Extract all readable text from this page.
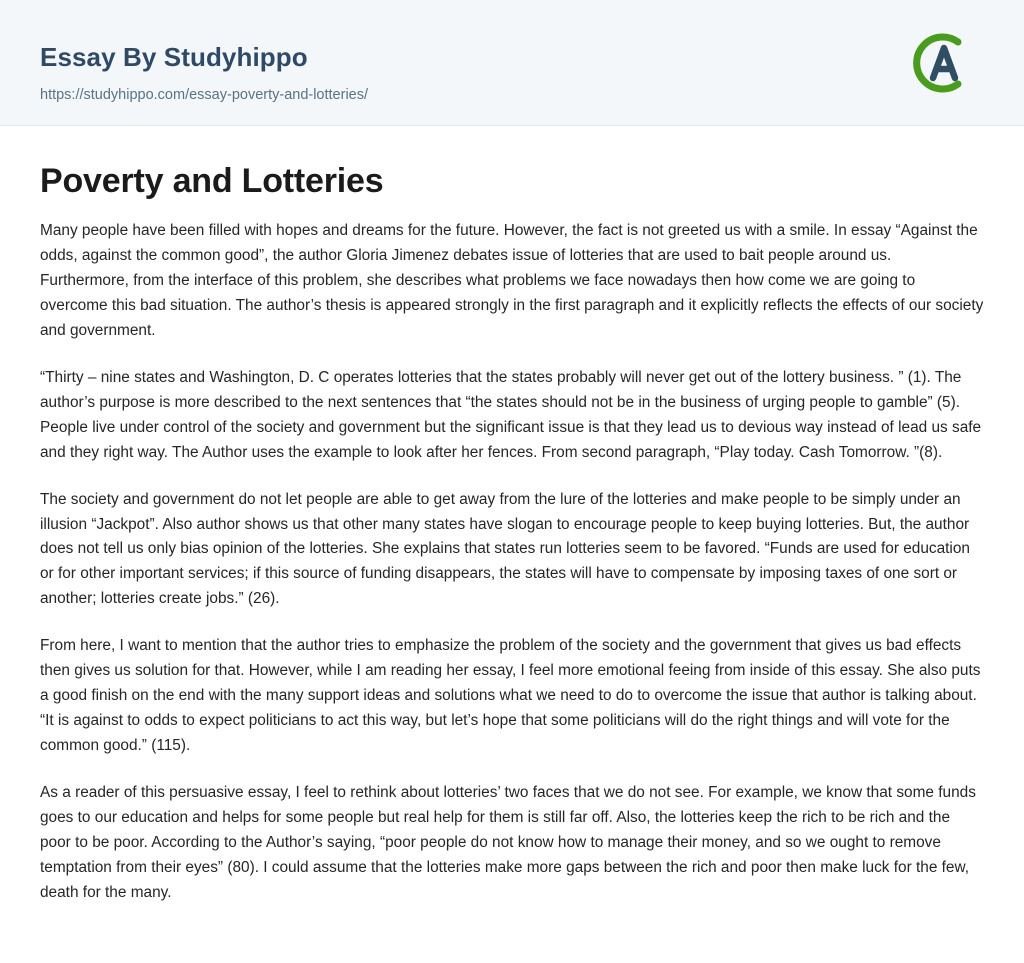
Essay By Studyhippo
https://studyhippo.com/essay-poverty-and-lotteries/
Poverty and Lotteries

Many people have been filled with hopes and dreams for the future. However, the fact is not greeted us with a smile. In essay “Against the odds, against the common good”, the author Gloria Jimenez debates issue of lotteries that are used to bait people around us. Furthermore, from the interface of this problem, she describes what problems we face nowadays then how come we are going to overcome this bad situation. The author’s thesis is appeared strongly in the first paragraph and it explicitly reflects the effects of our society and government.

“Thirty – nine states and Washington, D. C operates lotteries that the states probably will never get out of the lottery business. ” (1). The author’s purpose is more described to the next sentences that “the states should not be in the business of urging people to gamble” (5). People live under control of the society and government but the significant issue is that they lead us to devious way instead of lead us safe and they right way. The Author uses the example to look after her fences. From second paragraph, “Play today. Cash Tomorrow. ”(8).

The society and government do not let people are able to get away from the lure of the lotteries and make people to be simply under an illusion “Jackpot”. Also author shows us that other many states have slogan to encourage people to keep buying lotteries. But, the author does not tell us only bias opinion of the lotteries. She explains that states run lotteries seem to be favored. “Funds are used for education or for other important services; if this source of funding disappears, the states will have to compensate by imposing taxes of one sort or another; lotteries create jobs.” (26).

From here, I want to mention that the author tries to emphasize the problem of the society and the government that gives us bad effects then gives us solution for that. However, while I am reading her essay, I feel more emotional feeing from inside of this essay. She also puts a good finish on the end with the many support ideas and solutions what we need to do to overcome the issue that author is talking about. “It is against to odds to expect politicians to act this way, but let’s hope that some politicians will do the right things and will vote for the common good.” (115).

As a reader of this persuasive essay, I feel to rethink about lotteries’ two faces that we do not see. For example, we know that some funds goes to our education and helps for some people but real help for them is still far off. Also, the lotteries keep the rich to be rich and the poor to be poor. According to the Author’s saying, “poor people do not know how to manage their money, and so we ought to remove temptation from their eyes” (80). I could assume that the lotteries make more gaps between the rich and poor then make luck for the few, death for the many.
